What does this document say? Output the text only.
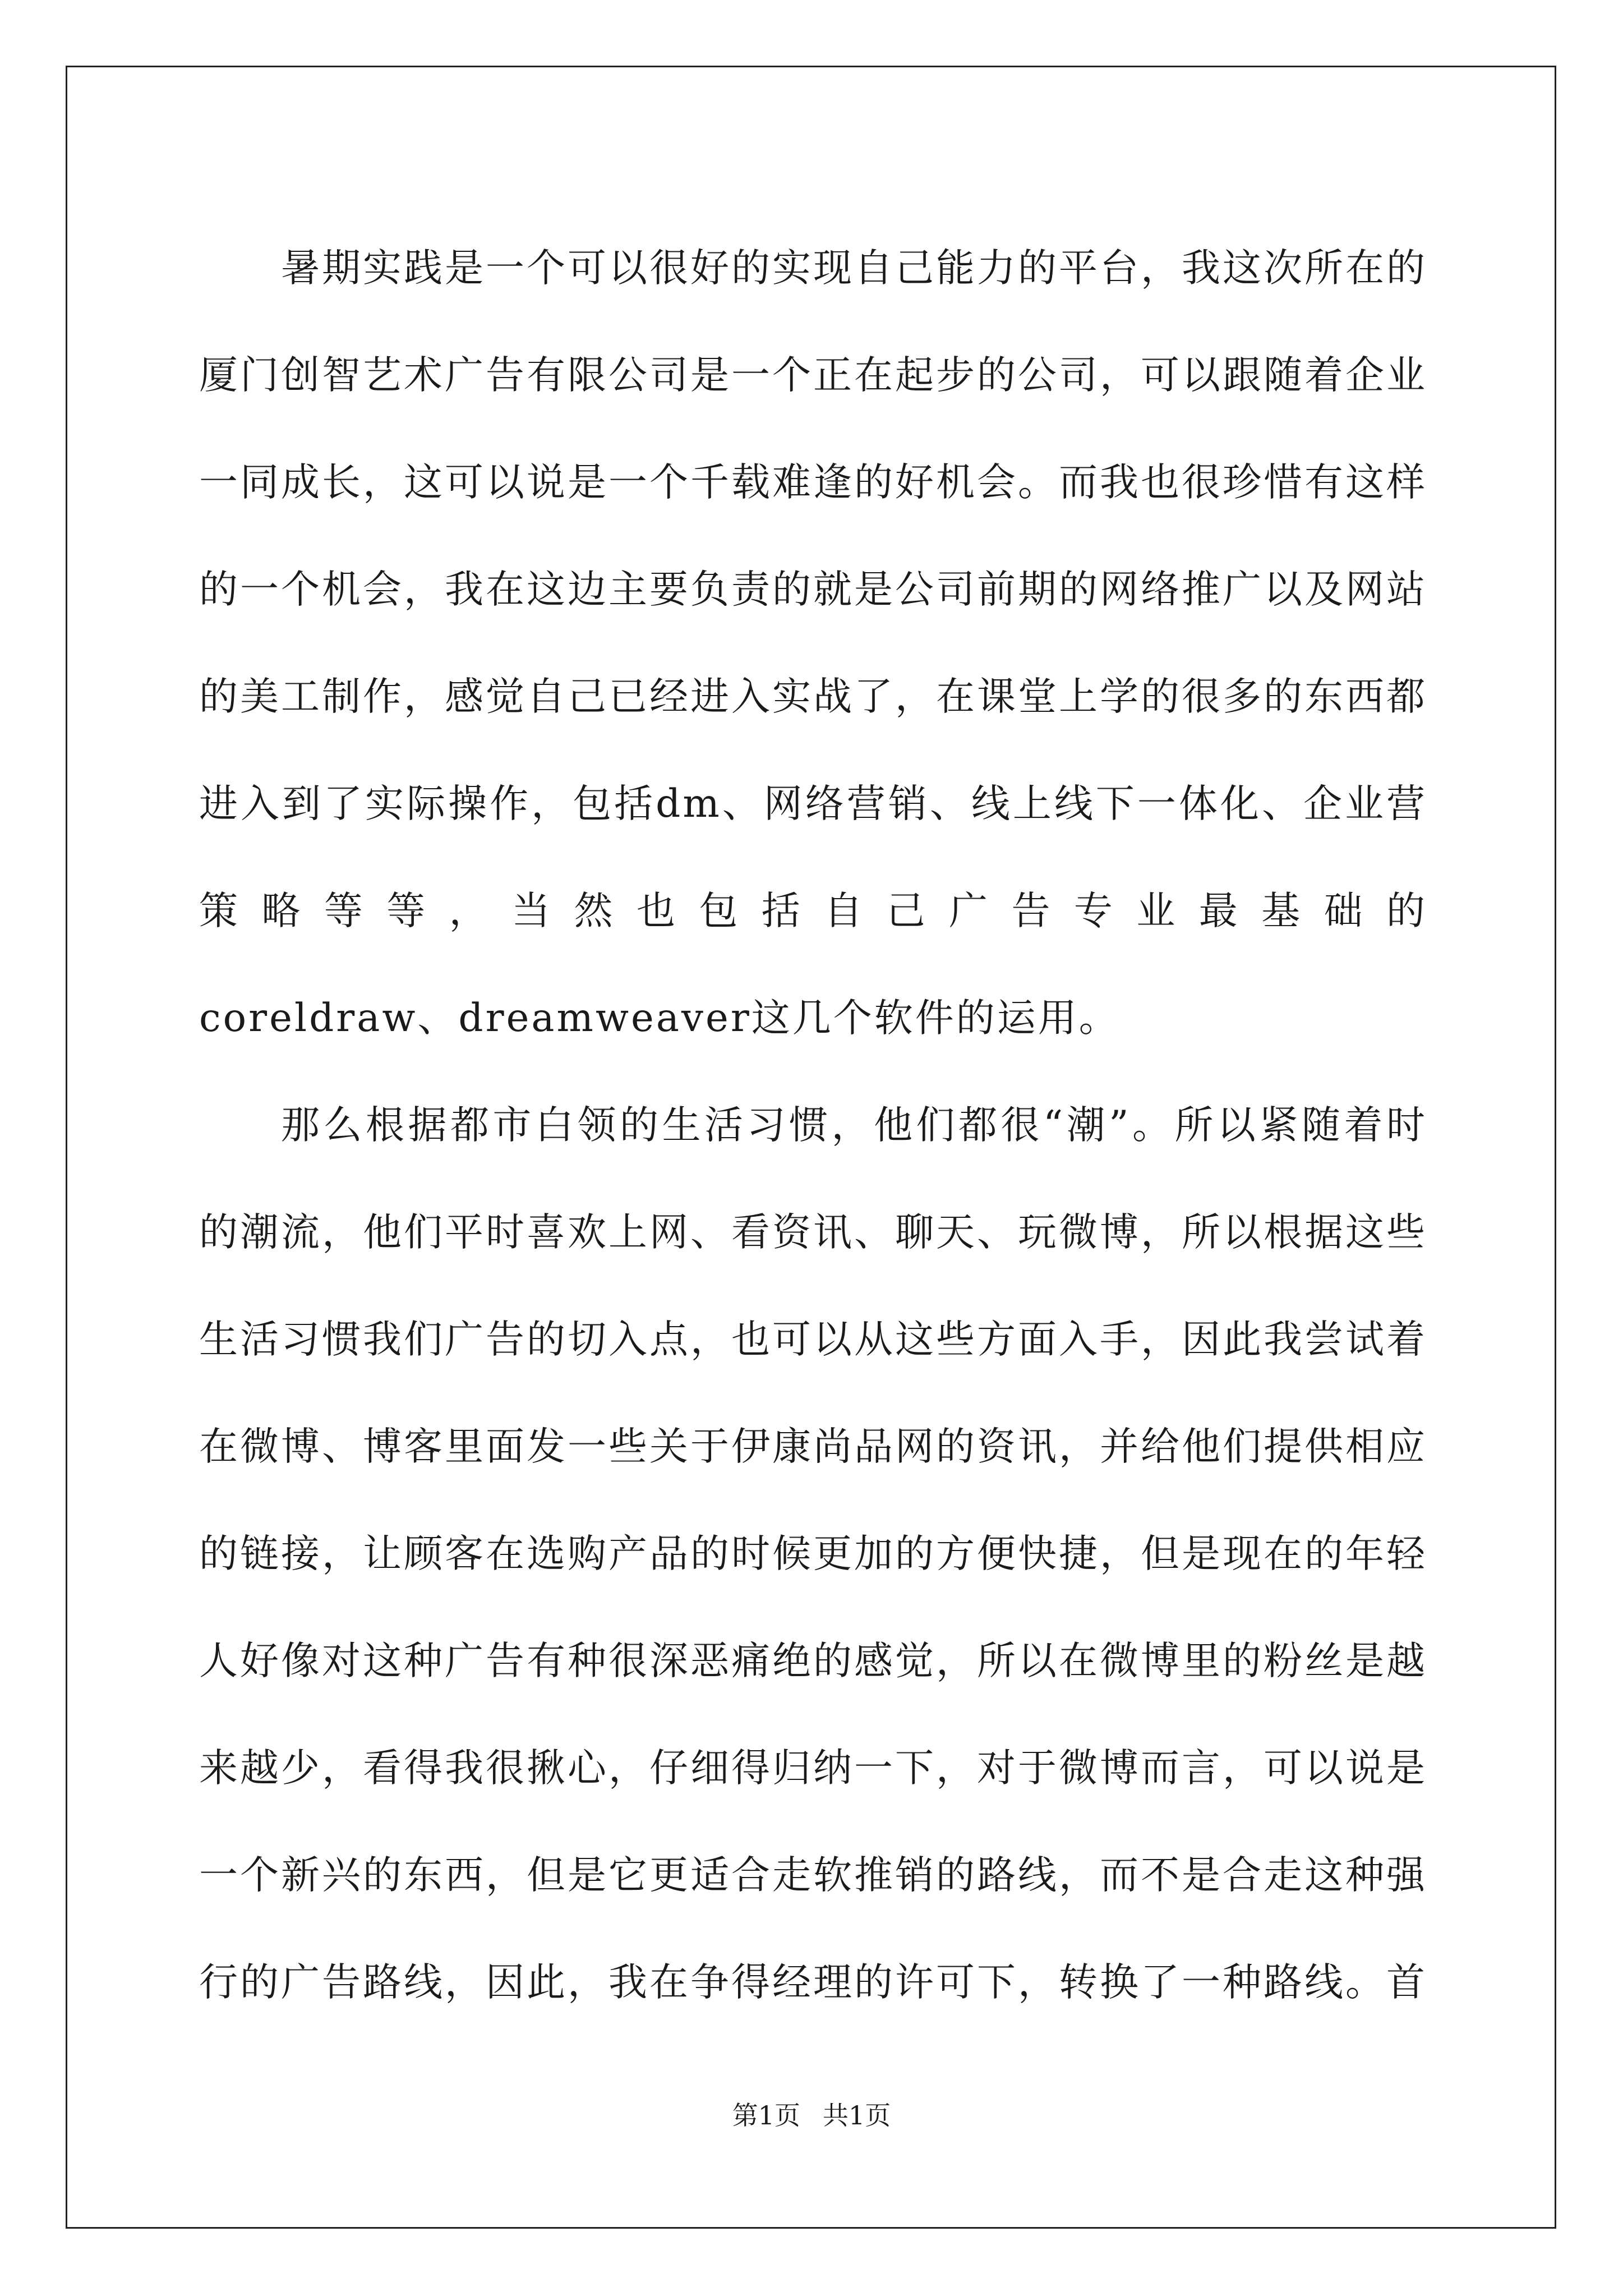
暑期实践是一个可以很好的实现自己能力的平台，我这次所在的
厦门创智艺术广告有限公司是一个正在起步的公司，可以跟随着企业
一同成长，这可以说是一个千载难逢的好机会。而我也很珍惜有这样
的一个机会，我在这边主要负责的就是公司前期的网络推广以及网站
的美工制作，感觉自己已经进入实战了，在课堂上学的很多的东西都
进入到了实际操作，包括dm、网络营销、线上线下一体化、企业营
策 略 等 等 ， 当 然 也 包 括 自 己 广 告 专 业 最 基 础 的
coreldraw、dreamweaver这几个软件的运用。
那么根据都市白领的生活习惯，他们都很“潮”。所以紧随着时
的潮流，他们平时喜欢上网、看资讯、聊天、玩微博，所以根据这些
生活习惯我们广告的切入点，也可以从这些方面入手，因此我尝试着
在微博、博客里面发一些关于伊康尚品网的资讯，并给他们提供相应
的链接，让顾客在选购产品的时候更加的方便快捷，但是现在的年轻
人好像对这种广告有种很深恶痛绝的感觉，所以在微博里的粉丝是越
来越少，看得我很揪心，仔细得归纳一下，对于微博而言，可以说是
一个新兴的东西，但是它更适合走软推销的路线，而不是合走这种强
行的广告路线，因此，我在争得经理的许可下，转换了一种路线。首
第1页 共1页
